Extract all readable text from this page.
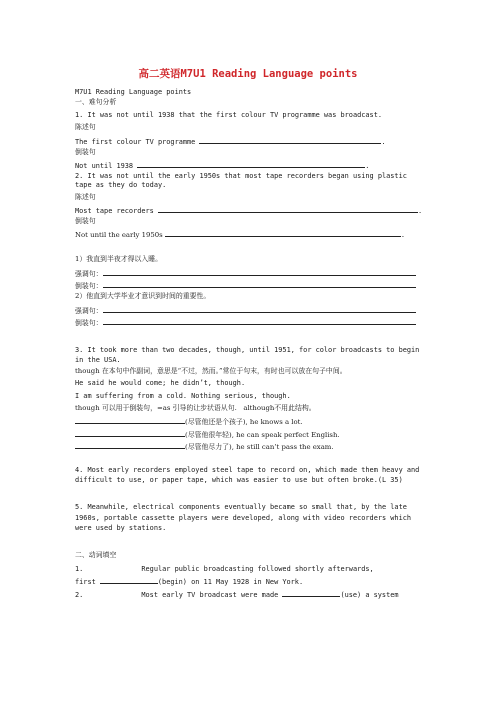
高二英语M7U1 Reading Language points
M7U1 Reading Language points
一、难句分析
1. It was not until 1938 that the first colour TV programme was broadcast.
陈述句
The first colour TV programme	.
倒装句
Not until 1938	.
2. It was not until the early 1950s that most tape recorders began using plastic
tape as they do today.
陈述句
Most tape recorders	.
倒装句
Not until the early 1950s	.
1）我直到半夜才得以入睡。
强调句：
倒装句：
2）他直到大学毕业才意识到时间的重要性。
强调句：
倒装句：
3. It took more than two decades, though, until 1951, for color broadcasts to begin
in the USA.
though 在本句中作副词，意思是“不过，然而。”常位于句末，有时也可以放在句子中间。
He said he would come; he didn’t, though.
I am suffering from a cold. Nothing serious, though.
though 可以用于倒装句，=as 引导的让步状语从句.   although不用此结构。
(尽管他还是个孩子), he knows a lot.
(尽管他很年轻), he can speak perfect English.
(尽管他尽力了), he still can’t pass the exam.
4. Most early recorders employed steel tape to record on, which made them heavy and
difficult to use, or paper tape, which was easier to use but often broke.(L 35)
5. Meanwhile, electrical components eventually became so small that, by the late
1960s, portable cassette players were developed, along with video recorders which
were used by stations.
二、动词填空
1.              Regular public broadcasting followed shortly afterwards,
first	(begin) on 11 May 1928 in New York.
2.              Most early TV broadcast were made	(use) a system
